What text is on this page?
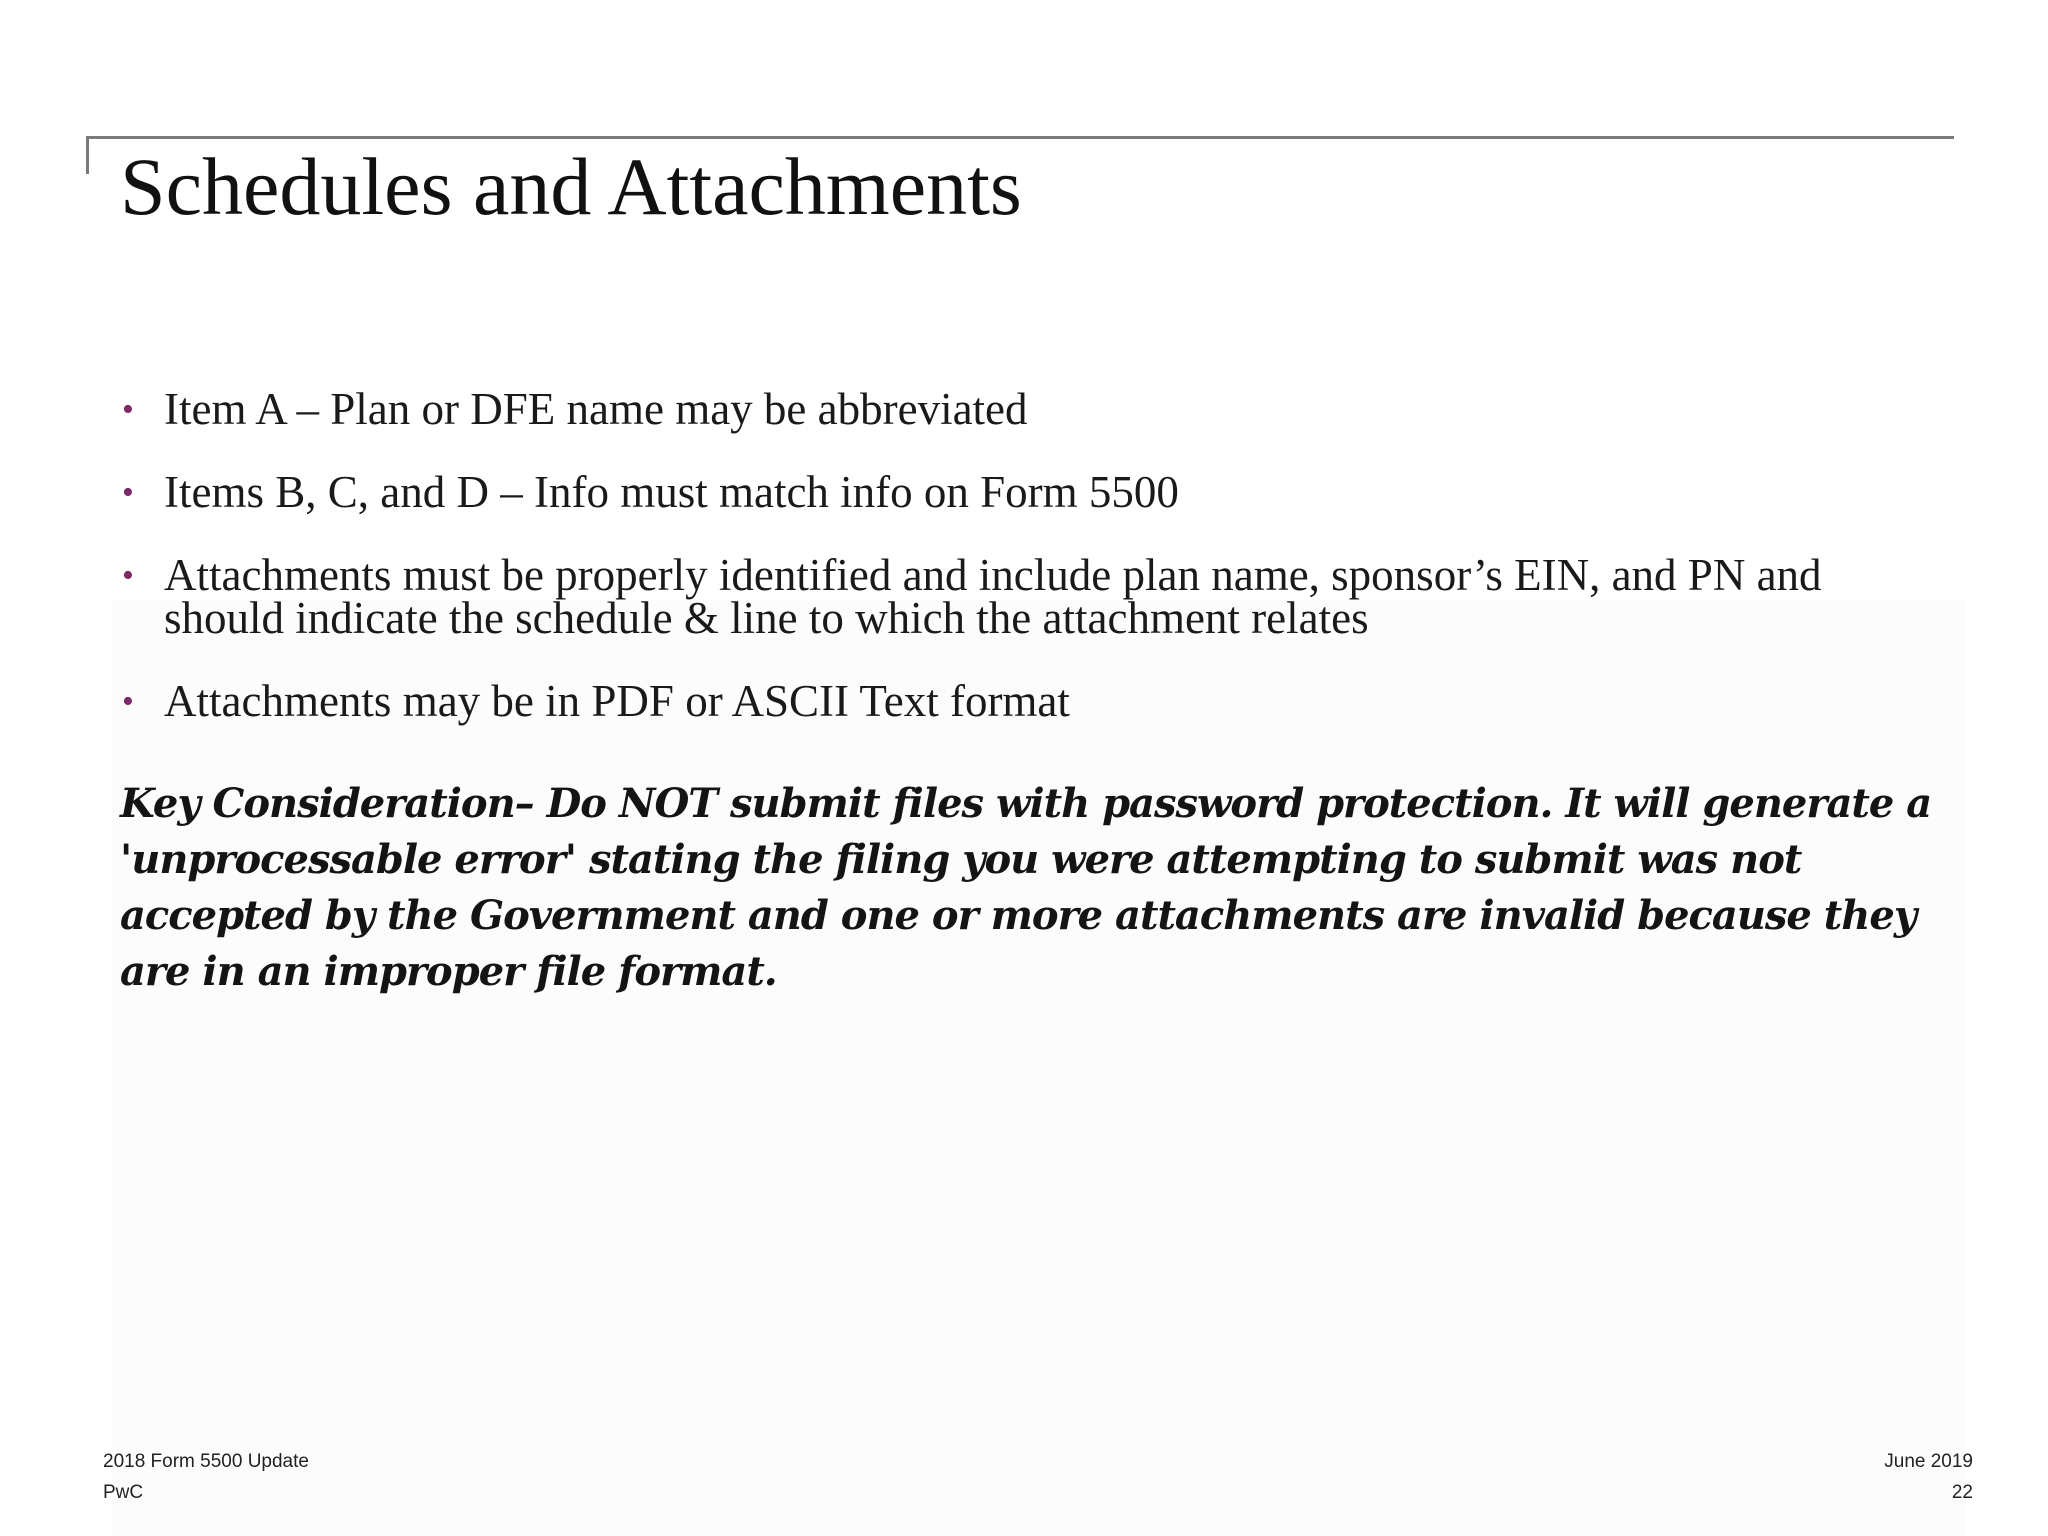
Schedules and Attachments
• Item A – Plan or DFE name may be abbreviated
• Items B, C, and D – Info must match info on Form 5500
• Attachments must be properly identified and include plan name, sponsor’s EIN, and PN and should indicate the schedule & line to which the attachment relates
• Attachments may be in PDF or ASCII Text format

Key Consideration– Do NOT submit files with password protection. It will generate a 'unprocessable error' stating the filing you were attempting to submit was not accepted by the Government and one or more attachments are invalid because they are in an improper file format.

2018 Form 5500 Update
PwC
June 2019
22
